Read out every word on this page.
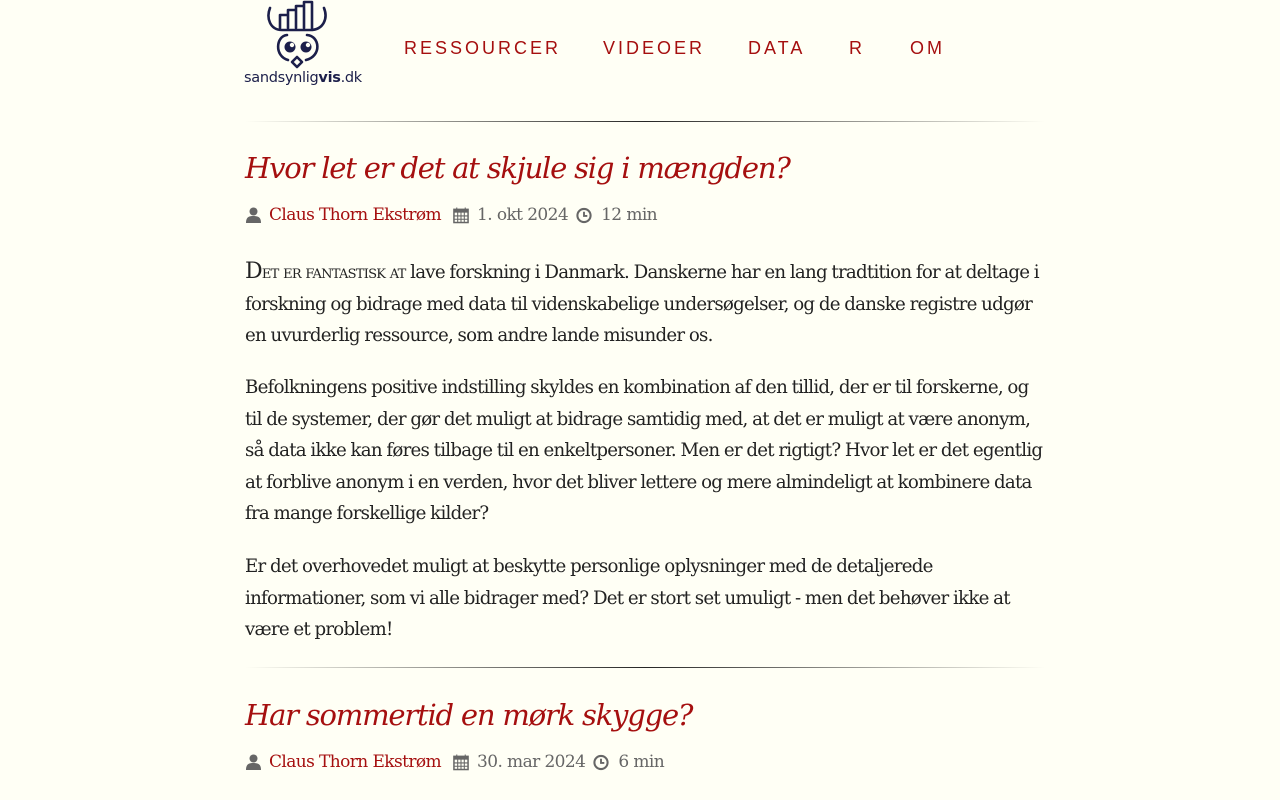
sandsynligvis.dk
RESSOURCER VIDEOER DATA R	OM
Hvor let er det at skjule sig i mængden?
Claus Thorn Ekstrøm 1. okt 2024 12 min

Det er fantastisk at lave forskning i Danmark. Danskerne har en lang tradtition for at deltage i forskning og bidrage med data til videnskabelige undersøgelser, og de danske registre udgør en uvurderlig ressource, som andre lande misunder os.

Befolkningens positive indstilling skyldes en kombination af den tillid, der er til forskerne, og til de systemer, der gør det muligt at bidrage samtidig med, at det er muligt at være anonym, så data ikke kan føres tilbage til en enkeltpersoner. Men er det rigtigt? Hvor let er det egentlig at forblive anonym i en verden, hvor det bliver lettere og mere almindeligt at kombinere data fra mange forskellige kilder?

Er det overhovedet muligt at beskytte personlige oplysninger med de detaljerede informationer, som vi alle bidrager med? Det er stort set umuligt - men det behøver ikke at være et problem!

Har sommertid en mørk skygge?
Claus Thorn Ekstrøm 30. mar 2024 6 min
